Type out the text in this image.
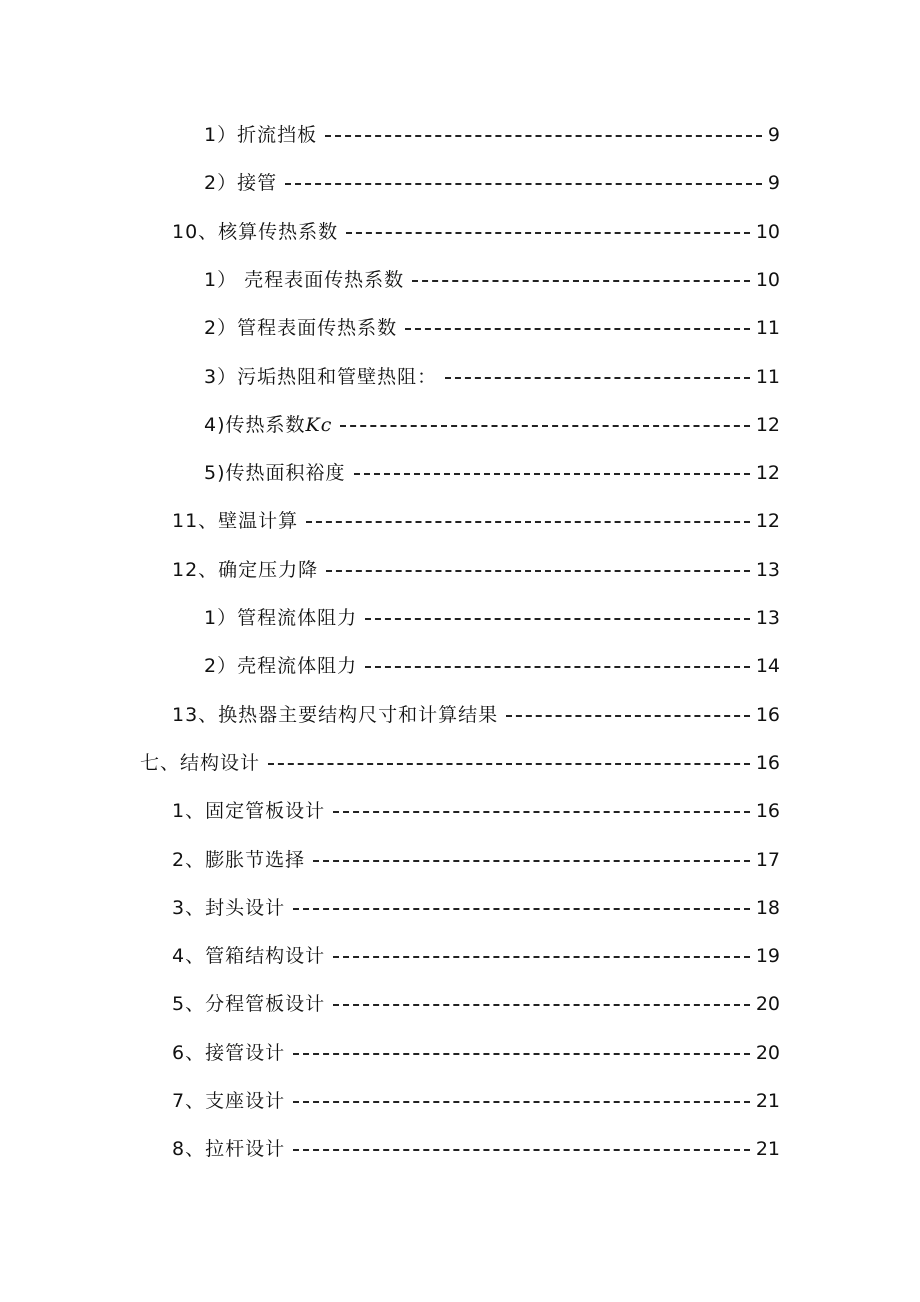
1）折流挡板	9
2）接管	9
10、核算传热系数	10
1） 壳程表面传热系数	10
2）管程表面传热系数	11
3）污垢热阻和管壁热阻：	11
4)传热系数Kc	12
5)传热面积裕度	12
11、壁温计算	12
12、确定压力降	13
1）管程流体阻力	13
2）壳程流体阻力	14
13、换热器主要结构尺寸和计算结果	16
七、结构设计	16
1、固定管板设计	16
2、膨胀节选择	17
3、封头设计	18
4、管箱结构设计	19
5、分程管板设计	20
6、接管设计	20
7、支座设计	21
8、拉杆设计	21
